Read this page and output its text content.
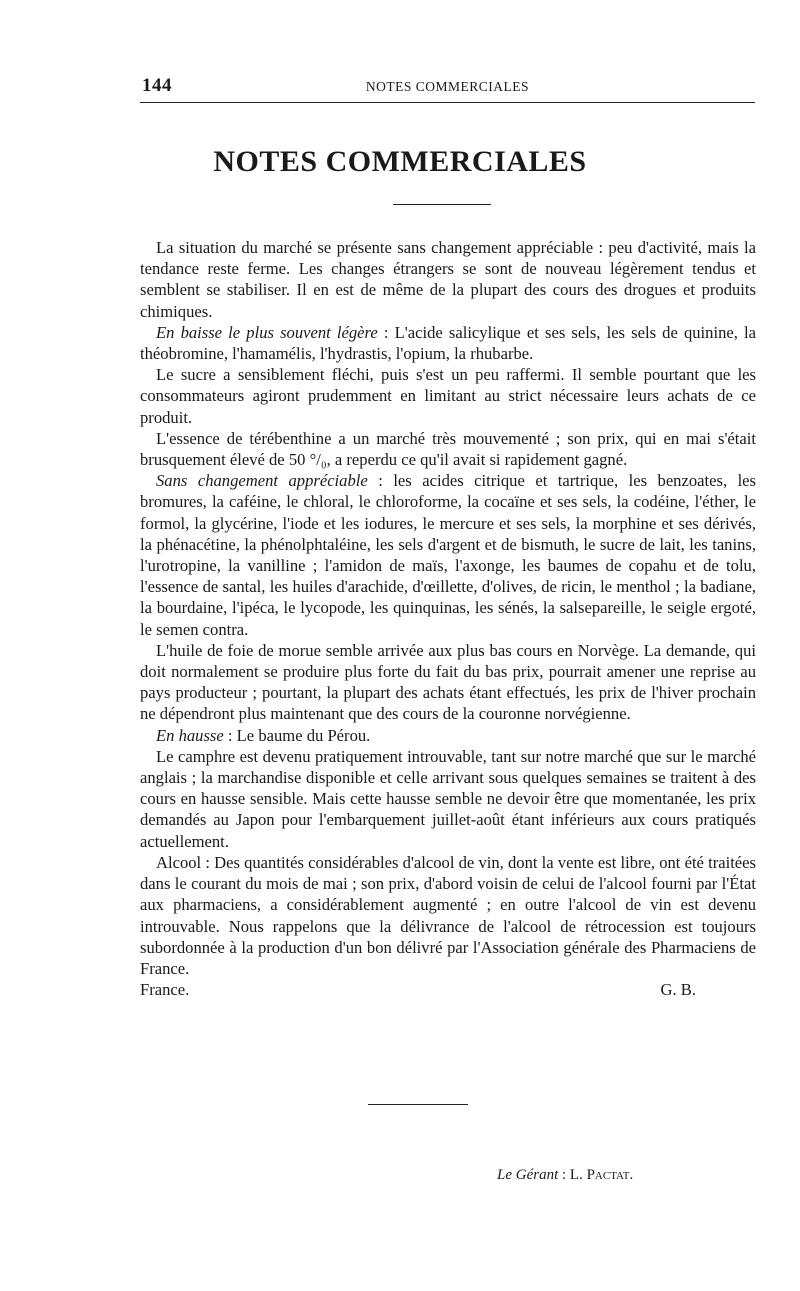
144	NOTES COMMERCIALES
NOTES COMMERCIALES

La situation du marché se présente sans changement appréciable : peu d'activité, mais la tendance reste ferme. Les changes étrangers se sont de nouveau légèrement tendus et semblent se stabiliser. Il en est de même de la plupart des cours des drogues et produits chimiques.

En baisse le plus souvent légère : L'acide salicylique et ses sels, les sels de quinine, la théobromine, l'hamamélis, l'hydrastis, l'opium, la rhubarbe.

Le sucre a sensiblement fléchi, puis s'est un peu raffermi. Il semble pourtant que les consommateurs agiront prudemment en limitant au strict nécessaire leurs achats de ce produit.

L'essence de térébenthine a un marché très mouvementé ; son prix, qui en mai s'était brusquement élevé de 50 °/₀, a reperdu ce qu'il avait si rapidement gagné.

Sans changement appréciable : les acides citrique et tartrique, les benzoates, les bromures, la caféine, le chloral, le chloroforme, la cocaïne et ses sels, la codéine, l'éther, le formol, la glycérine, l'iode et les iodures, le mercure et ses sels, la morphine et ses dérivés, la phénacétine, la phénolphtaléine, les sels d'argent et de bismuth, le sucre de lait, les tanins, l'urotropine, la vanilline ; l'amidon de maïs, l'axonge, les baumes de copahu et de tolu, l'essence de santal, les huiles d'arachide, d'œillette, d'olives, de ricin, le menthol ; la badiane, la bourdaine, l'ipéca, le lycopode, les quinquinas, les sénés, la salsepareille, le seigle ergoté, le semen contra.

L'huile de foie de morue semble arrivée aux plus bas cours en Norvège. La demande, qui doit normalement se produire plus forte du fait du bas prix, pourrait amener une reprise au pays producteur ; pourtant, la plupart des achats étant effectués, les prix de l'hiver prochain ne dépendront plus maintenant que des cours de la couronne norvégienne.

En hausse : Le baume du Pérou.

Le camphre est devenu pratiquement introuvable, tant sur notre marché que sur le marché anglais ; la marchandise disponible et celle arrivant sous quelques semaines se traitent à des cours en hausse sensible. Mais cette hausse semble ne devoir être que momentanée, les prix demandés au Japon pour l'embarquement juillet-août étant inférieurs aux cours pratiqués actuellement.

Alcool : Des quantités considérables d'alcool de vin, dont la vente est libre, ont été traitées dans le courant du mois de mai ; son prix, d'abord voisin de celui de l'alcool fourni par l'État aux pharmaciens, a considérablement augmenté ; en outre l'alcool de vin est devenu introuvable. Nous rappelons que la délivrance de l'alcool de rétrocession est toujours subordonnée à la production d'un bon délivré par l'Association générale des Pharmaciens de France.

France.	G. B.

Le Gérant : L. Pactat.
